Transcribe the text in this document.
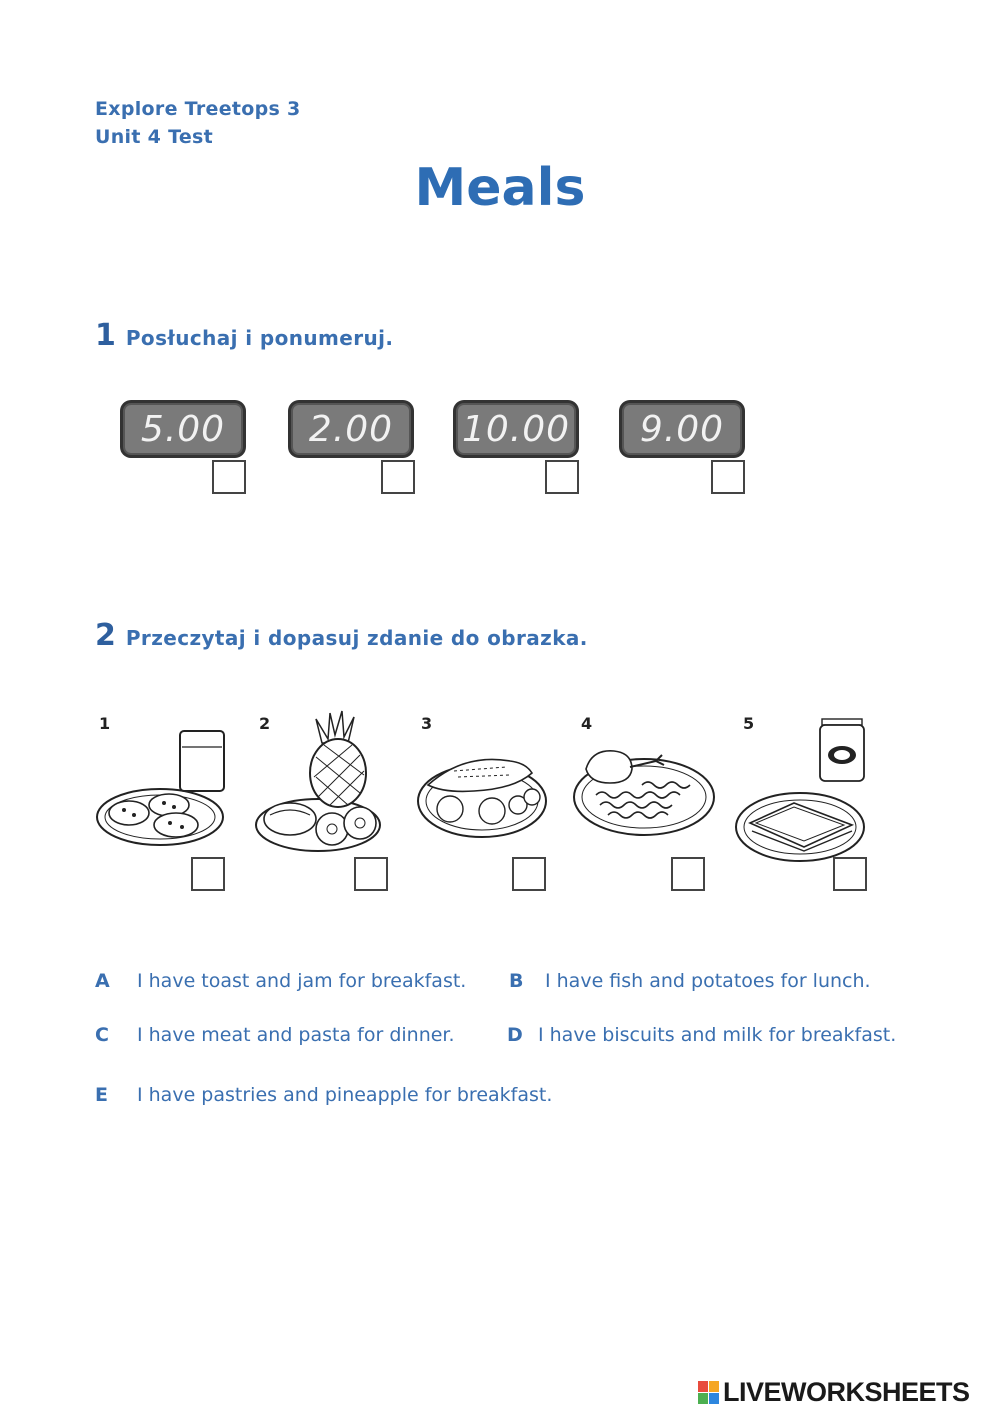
Explore Treetops 3
Unit 4 Test
Meals
1 Posłuchaj i ponumeruj.
5.00	2.00	10.00	9.00
2 Przeczytaj i dopasuj zdanie do obrazka.
1	2	3	4	5
A I have toast and jam for breakfast. B I have fish and potatoes for lunch.
C I have meat and pasta for dinner.	D I have biscuits and milk for breakfast.
E I have pastries and pineapple for breakfast.
LIVEWORKSHEETS
